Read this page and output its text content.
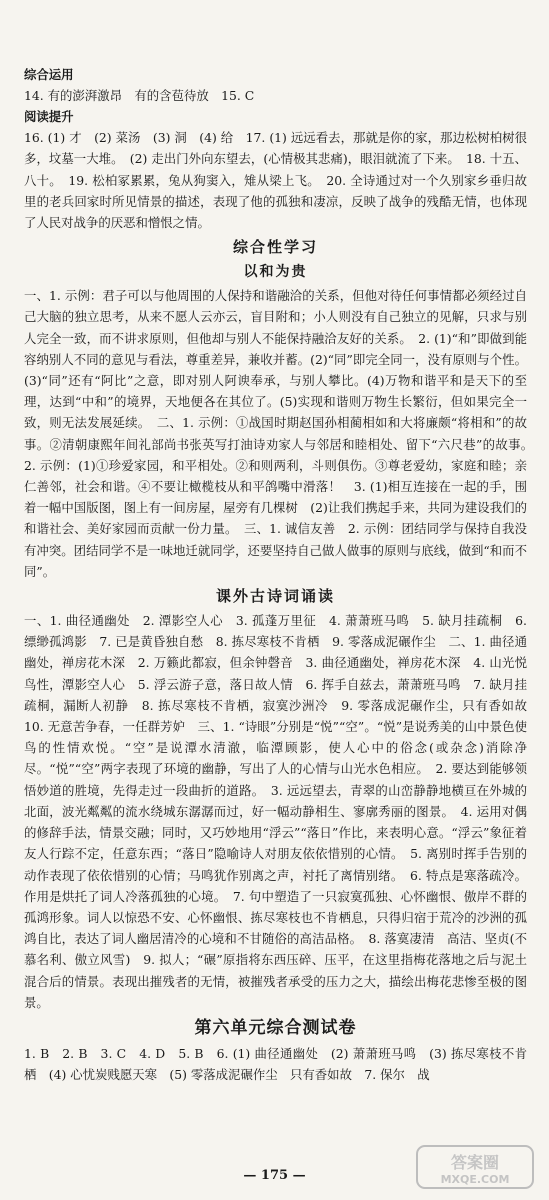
综合运用
14. 有的澎湃激昂　有的含苞待放　15. C
阅读提升
16. (1) 才　(2) 菜汤　(3) 洞　(4) 给　17. (1) 远远看去，那就是你的家，那边松树柏树很多，坟墓一大堆。　(2) 走出门外向东望去，(心情极其悲痛)，眼泪就流了下来。　18. 十五、八十。　19. 松柏冢累累，兔从狗窦入，雉从梁上飞。　20. 全诗通过对一个久别家乡垂归故里的老兵回家时所见情景的描述，表现了他的孤独和凄凉，反映了战争的残酷无情，也体现了人民对战争的厌恶和憎恨之情。
综合性学习
以和为贵
一、1. 示例：君子可以与他周围的人保持和谐融洽的关系，但他对待任何事情都必须经过自己大脑的独立思考，从来不愿人云亦云，盲目附和；小人则没有自己独立的见解，只求与别人完全一致，而不讲求原则，但他却与别人不能保持融洽友好的关系。　2. (1)“和”即做到能容纳别人不同的意见与看法，尊重差异，兼收并蓄。(2)“同”即完全同一，没有原则与个性。(3)“同”还有“阿比”之意，即对别人阿谀奉承，与别人攀比。(4)万物和谐平和是天下的至理，达到“中和”的境界，天地便各在其位了。(5)实现和谐则万物生长繁衍，但如果完全一致，则无法发展延续。　二、1. 示例：①战国时期赵国孙相蔺相如和大将廉颇“将相和”的故事。②清朝康熙年间礼部尚书张英写打油诗劝家人与邻居和睦相处、留下“六尺巷”的故事。　2. 示例：(1)①珍爱家园，和平相处。②和则两利，斗则俱伤。③尊老爱幼，家庭和睦；亲仁善邻，社会和谐。④不要让橄榄枝从和平鸽嘴中滑落！　3. (1)相互连接在一起的手，围着一幅中国版图，图上有一间房屋，屋旁有几棵树　(2)让我们携起手来，共同为建设我们的和谐社会、美好家园而贡献一份力量。　三、1. 诚信友善　2. 示例：团结同学与保持自我没有冲突。团结同学不是一味地迁就同学，还要坚持自己做人做事的原则与底线，做到“和而不同”。
课外古诗词诵读
一、1. 曲径通幽处　2. 潭影空人心　3. 孤蓬万里征　4. 萧萧班马鸣　5. 缺月挂疏桐　6. 缥缈孤鸿影　7. 已是黄昏独自愁　8. 拣尽寒枝不肯栖　9. 零落成泥碾作尘　二、1. 曲径通幽处，禅房花木深　2. 万籁此都寂，但余钟磬音　3. 曲径通幽处，禅房花木深　4. 山光悦鸟性，潭影空人心　5. 浮云游子意，落日故人情　6. 挥手自兹去，萧萧班马鸣　7. 缺月挂疏桐，漏断人初静　8. 拣尽寒枝不肯栖，寂寞沙洲冷　9. 零落成泥碾作尘，只有香如故　10. 无意苦争春，一任群芳妒　三、1. “诗眼”分别是“悦”“空”。“悦”是说秀美的山中景色使鸟的性情欢悦。“空”是说潭水清澈，临潭顾影，使人心中的俗念(或杂念)消除净尽。“悦”“空”两字表现了环境的幽静，写出了人的心情与山光水色相应。　2. 要达到能够领悟妙道的胜境，先得走过一段曲折的道路。　3. 远远望去，青翠的山峦静静地横亘在外城的北面，波光粼粼的流水绕城东潺潺而过，好一幅动静相生、寥廓秀丽的图景。　4. 运用对偶的修辞手法，情景交融；同时，又巧妙地用“浮云”“落日”作比，来表明心意。“浮云”象征着友人行踪不定，任意东西；“落日”隐喻诗人对朋友依依惜别的心情。　5. 离别时挥手告别的动作表现了依依惜别的心情；马鸣犹作别离之声，衬托了离情别绪。　6. 特点是寒落疏冷。作用是烘托了词人冷落孤独的心境。　7. 句中塑造了一只寂寞孤独、心怀幽恨、傲岸不群的孤鸿形象。词人以惊恐不安、心怀幽恨、拣尽寒枝也不肯栖息，只得归宿于荒冷的沙洲的孤鸿自比，表达了词人幽居清冷的心境和不甘随俗的高洁品格。　8. 落寞凄清　高洁、坚贞(不慕名利、傲立风雪)　9. 拟人；“碾”原指将东西压碎、压平，在这里指梅花落地之后与泥土混合后的情景。表现出摧残者的无情，被摧残者承受的压力之大，描绘出梅花悲惨至极的图景。
第六单元综合测试卷
1. B　2. B　3. C　4. D　5. B　6. (1) 曲径通幽处　(2) 萧萧班马鸣　(3) 拣尽寒枝不肯栖　(4) 心忧炭贱愿天寒　(5) 零落成泥碾作尘　只有香如故　7. 保尔　战
— 175 —
答案圈
MXQE.COM
